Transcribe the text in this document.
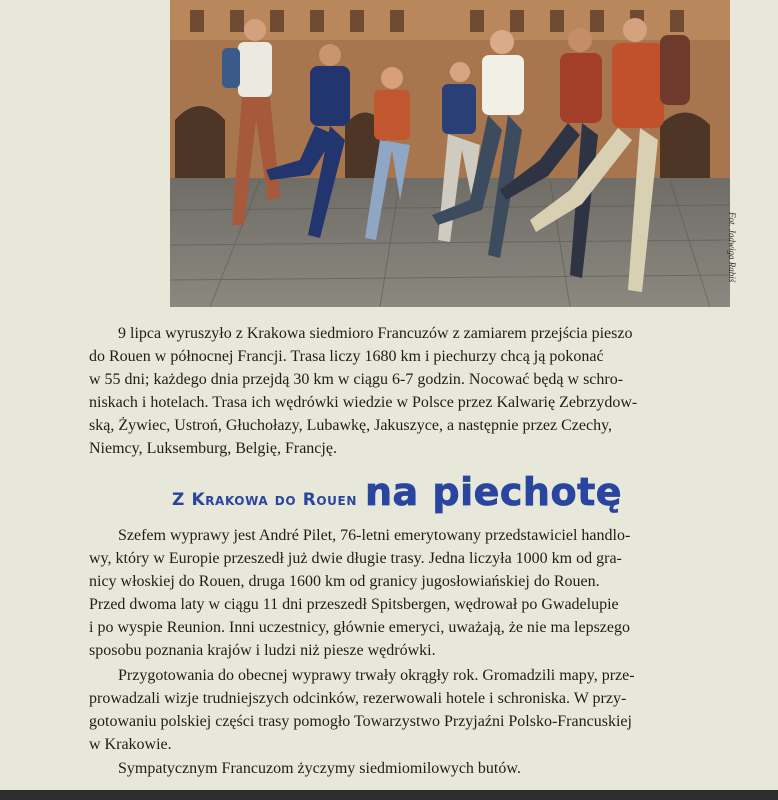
Fot. Jadwiga Rabiś
9 lipca wyruszyło z Krakowa siedmioro Francuzów z zamiarem przejścia pieszo
do Rouen w północnej Francji. Trasa liczy 1680 km i piechurzy chcą ją pokonać
w 55 dni; każdego dnia przejdą 30 km w ciągu 6-7 godzin. Nocować będą w schro-
niskach i hotelach. Trasa ich wędrówki wiedzie w Polsce przez Kalwarię Zebrzydow-
ską, Żywiec, Ustroń, Głuchołazy, Lubawkę, Jakuszyce, a następnie przez Czechy,
Niemcy, Luksemburg, Belgię, Francję.
Z Krakowa do Rouen na piechotę
Szefem wyprawy jest André Pilet, 76-letni emerytowany przedstawiciel handlo-
wy, który w Europie przeszedł już dwie długie trasy. Jedna liczyła 1000 km od gra-
nicy włoskiej do Rouen, druga 1600 km od granicy jugosłowiańskiej do Rouen.
Przed dwoma laty w ciągu 11 dni przeszedł Spitsbergen, wędrował po Gwadelupie
i po wyspie Reunion. Inni uczestnicy, głównie emeryci, uważają, że nie ma lepszego
sposobu poznania krajów i ludzi niż piesze wędrówki.
Przygotowania do obecnej wyprawy trwały okrągły rok. Gromadzili mapy, prze-
prowadzali wizje trudniejszych odcinków, rezerwowali hotele i schroniska. W przy-
gotowaniu polskiej części trasy pomogło Towarzystwo Przyjaźni Polsko-Francuskiej
w Krakowie.
Sympatycznym Francuzom życzymy siedmiomilowych butów.
